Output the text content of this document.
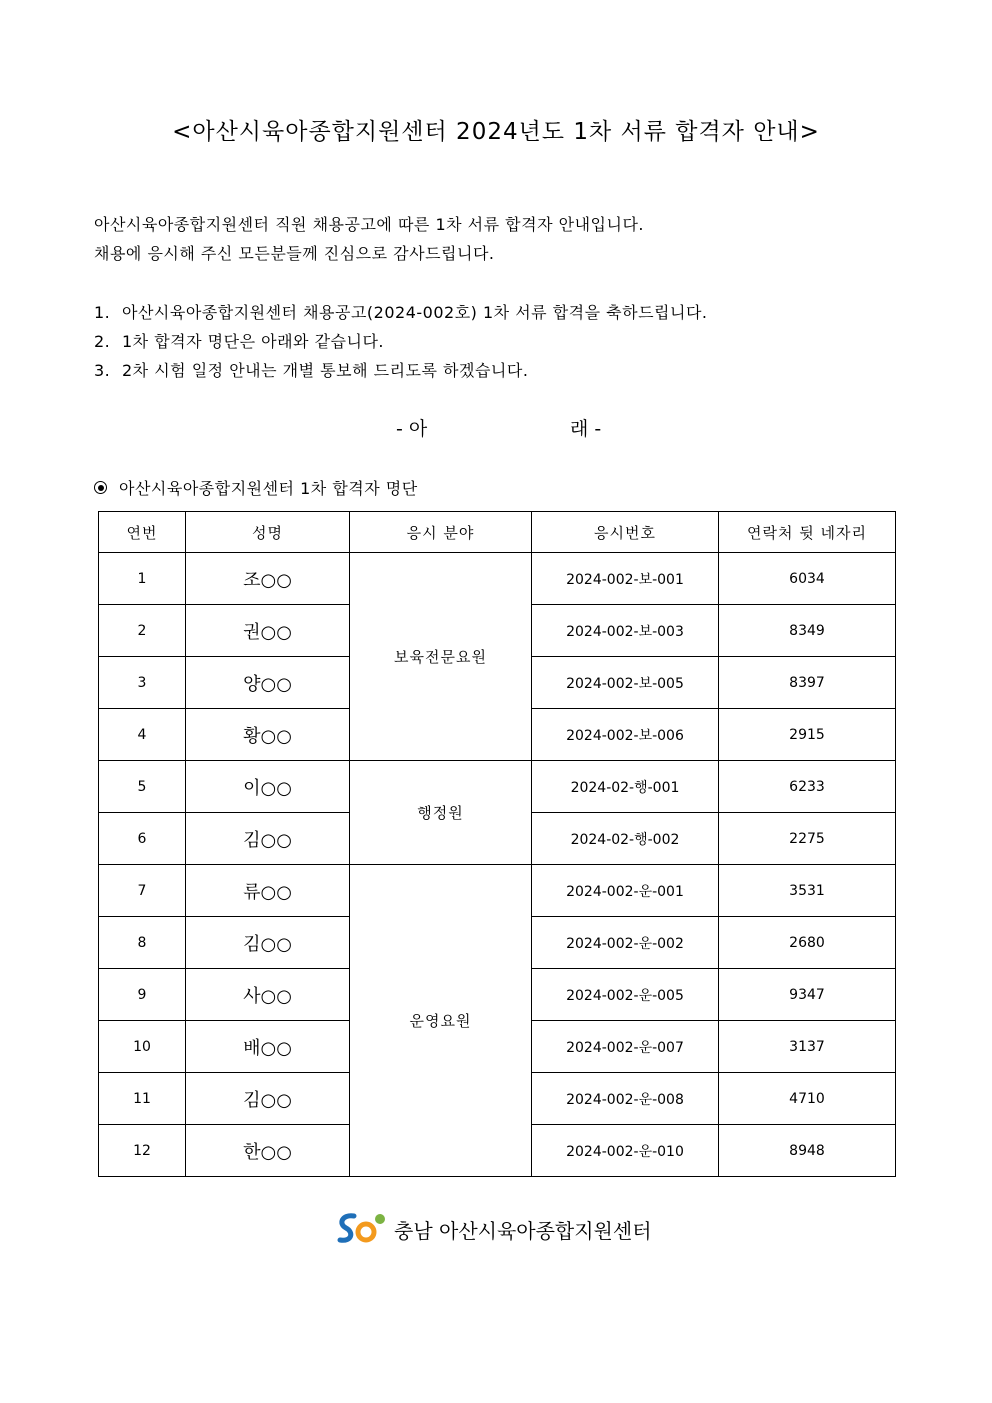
<아산시육아종합지원센터 2024년도 1차 서류 합격자 안내>
아산시육아종합지원센터 직원 채용공고에 따른 1차 서류 합격자 안내입니다.
채용에 응시해 주신 모든분들께 진심으로 감사드립니다.
1. 아산시육아종합지원센터 채용공고(2024-002호) 1차 서류 합격을 축하드립니다.
2. 1차 합격자 명단은 아래와 같습니다.
3. 2차 시험 일정 안내는 개별 통보해 드리도록 하겠습니다.
- 아	래 -
아산시육아종합지원센터 1차 합격자 명단
연번	성명	응시 분야	응시번호	연락처 뒷 네자리
1	조○○	보육전문요원	2024-002-보-001	6034
2	권○○		2024-002-보-003	8349
3	양○○		2024-002-보-005	8397
4	황○○		2024-002-보-006	2915
5	이○○	행정원	2024-02-행-001	6233
6	김○○		2024-02-행-002	2275
7	류○○	운영요원	2024-002-운-001	3531
8	김○○		2024-002-운-002	2680
9	사○○		2024-002-운-005	9347
10	배○○		2024-002-운-007	3137
11	김○○		2024-002-운-008	4710
12	한○○		2024-002-운-010	8948
충남 아산시육아종합지원센터
